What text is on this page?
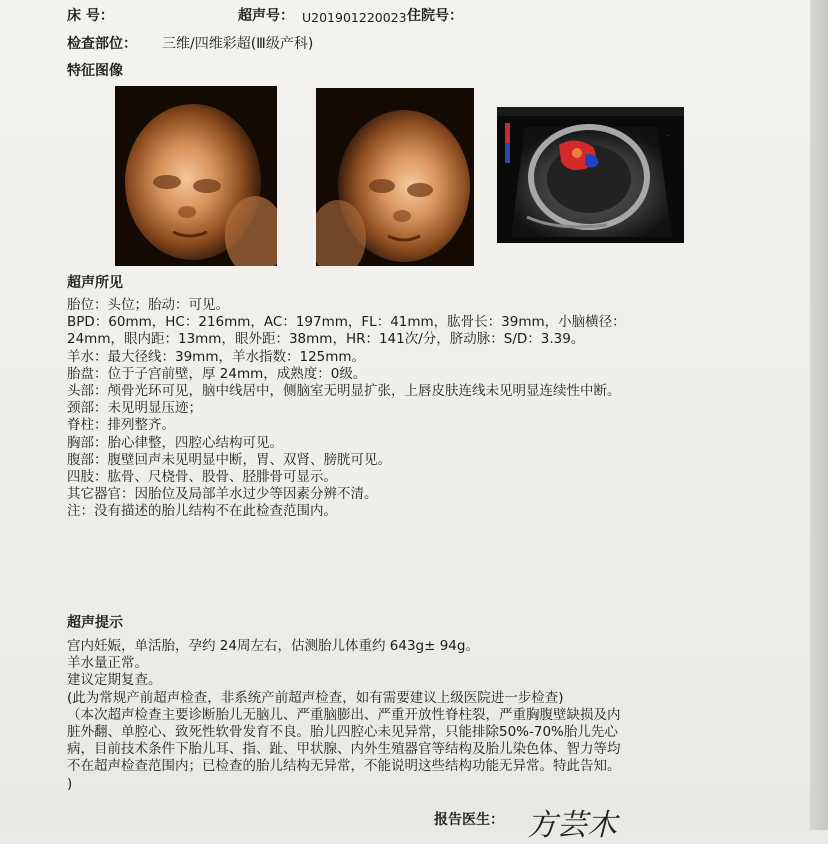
床 号：	超声号： U201901220023 住院号：
检查部位： 三维/四维彩超(Ⅲ级产科)
特征图像
·
超声所见
胎位：头位；胎动：可见。
BPD：60mm，HC：216mm，AC：197mm，FL：41mm，肱骨长：39mm，小脑横径：
24mm，眼内距：13mm，眼外距：38mm，HR：141次/分，脐动脉：S/D：3.39。
羊水：最大径线：39mm，羊水指数：125mm。
胎盘：位于子宫前壁，厚 24mm，成熟度：0级。
头部：颅骨光环可见，脑中线居中，侧脑室无明显扩张，上唇皮肤连线未见明显连续性中断。
颈部：未见明显压迹；
脊柱：排列整齐。
胸部：胎心律整，四腔心结构可见。
腹部：腹壁回声未见明显中断，胃、双肾、膀胱可见。
四肢：肱骨、尺桡骨、股骨、胫腓骨可显示。
其它器官：因胎位及局部羊水过少等因素分辨不清。
注：没有描述的胎儿结构不在此检查范围内。
超声提示
宫内妊娠，单活胎，孕约 24周左右，估测胎儿体重约 643g± 94g。
羊水量正常。
建议定期复查。
(此为常规产前超声检查，非系统产前超声检查，如有需要建议上级医院进一步检查)
（本次超声检查主要诊断胎儿无脑儿、严重脑膨出、严重开放性脊柱裂，严重胸腹壁缺损及内
脏外翻、单腔心、致死性软骨发育不良。胎儿四腔心未见异常，只能排除50%-70%胎儿先心
病，目前技术条件下胎儿耳、指、趾、甲状腺、内外生殖器官等结构及胎儿染色体、智力等均
不在超声检查范围内；已检查的胎儿结构无异常，不能说明这些结构功能无异常。特此告知。
)
报告医生： 方芸木
